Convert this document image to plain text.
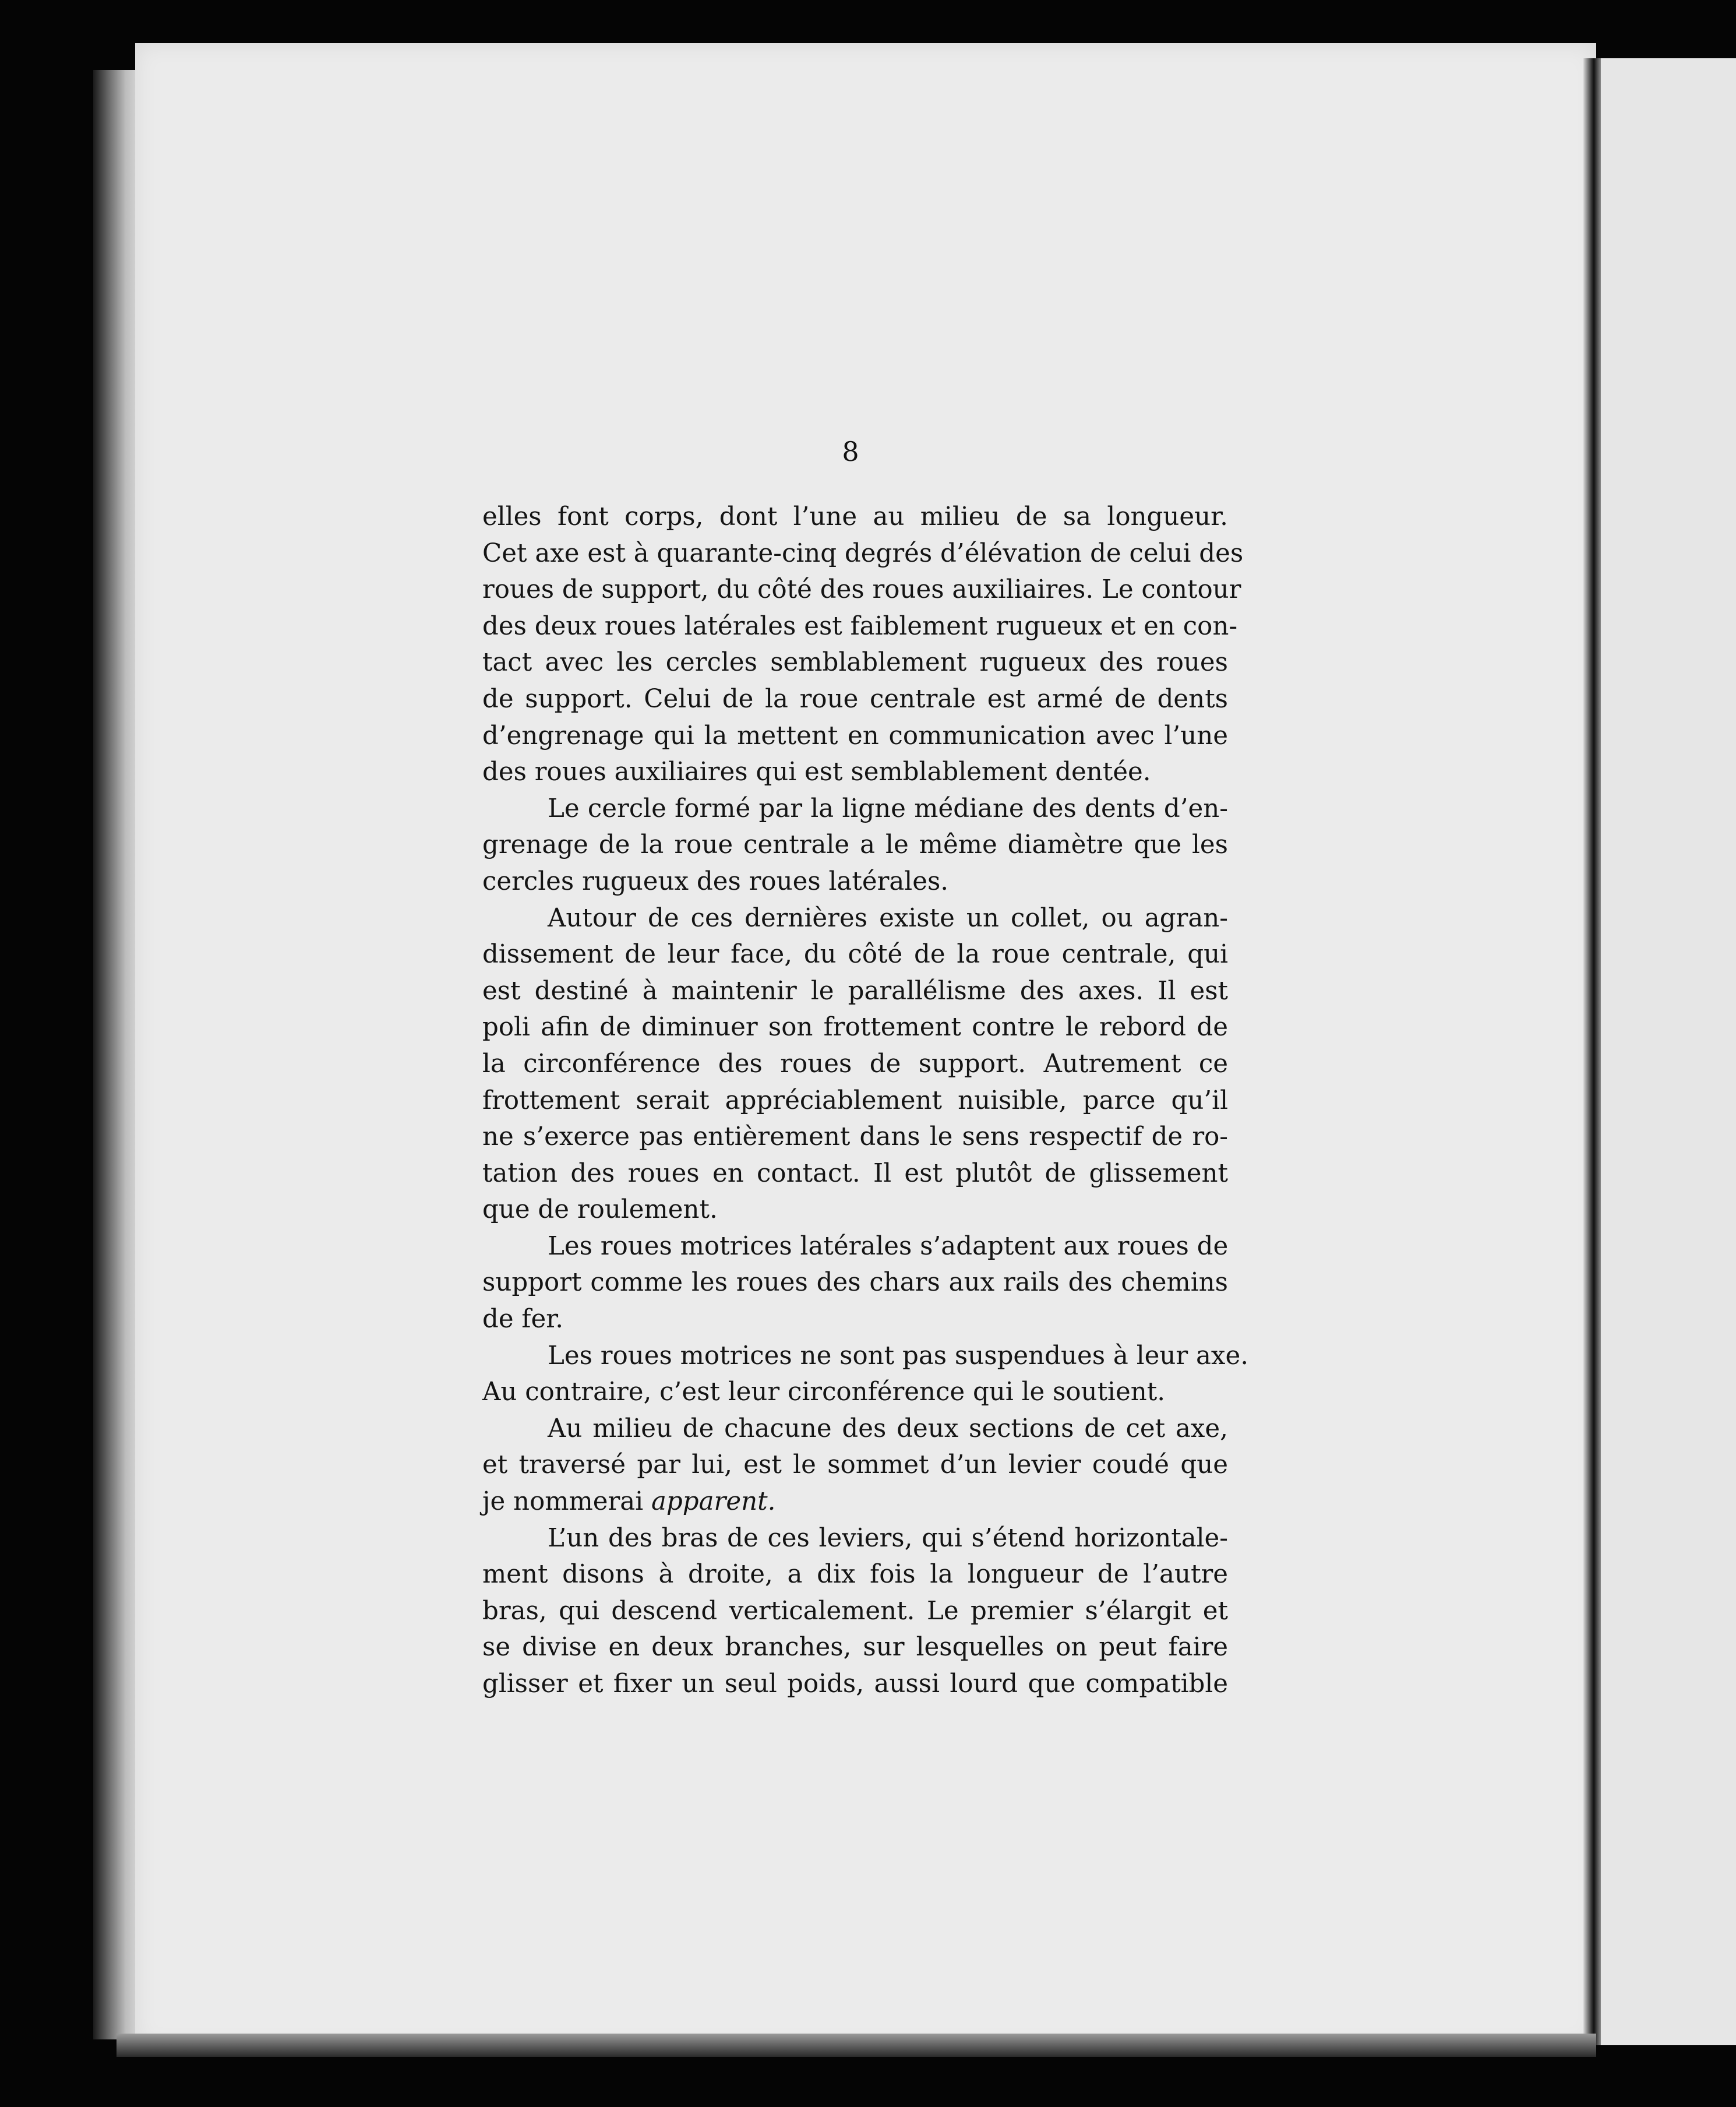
8

elles font corps, dont l’une au milieu de sa longueur.
Cet axe est à quarante-cinq degrés d’élévation de celui des
roues de support, du côté des roues auxiliaires. Le contour
des deux roues latérales est faiblement rugueux et en con-
tact avec les cercles semblablement rugueux des roues
de support. Celui de la roue centrale est armé de dents
d’engrenage qui la mettent en communication avec l’une
des roues auxiliaires qui est semblablement dentée.

Le cercle formé par la ligne médiane des dents d’en-
grenage de la roue centrale a le même diamètre que les
cercles rugueux des roues latérales.

Autour de ces dernières existe un collet, ou agran-
dissement de leur face, du côté de la roue centrale, qui
est destiné à maintenir le parallélisme des axes. Il est
poli afin de diminuer son frottement contre le rebord de
la circonférence des roues de support. Autrement ce
frottement serait appréciablement nuisible, parce qu’il
ne s’exerce pas entièrement dans le sens respectif de ro-
tation des roues en contact. Il est plutôt de glissement
que de roulement.

Les roues motrices latérales s’adaptent aux roues de
support comme les roues des chars aux rails des chemins
de fer.

Les roues motrices ne sont pas suspendues à leur axe.
Au contraire, c’est leur circonférence qui le soutient.

Au milieu de chacune des deux sections de cet axe,
et traversé par lui, est le sommet d’un levier coudé que
je nommerai apparent.

L’un des bras de ces leviers, qui s’étend horizontale-
ment disons à droite, a dix fois la longueur de l’autre
bras, qui descend verticalement. Le premier s’élargit et
se divise en deux branches, sur lesquelles on peut faire
glisser et fixer un seul poids, aussi lourd que compatible
